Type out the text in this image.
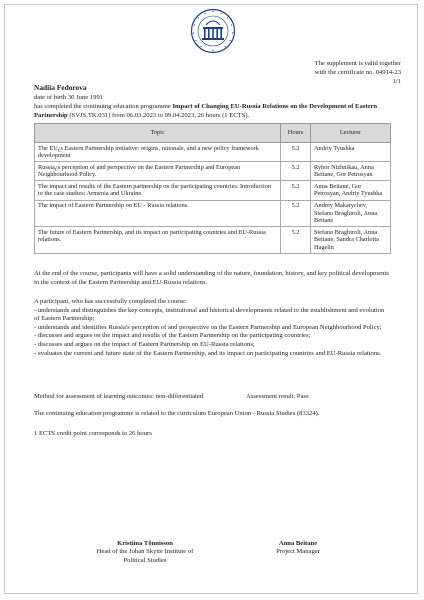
The supplement is valid together
with the certificate no. 04914-23
1/1
Nadiia Fedorova
date of birth 30 June 1991
has completed the continuing education programme Impact of Changing EU-Russia Relations on the Development of Eastern Partnership (SVJS.TK.031) from 06.03.2023 to 09.04.2023, 26 hours (1 ECTS).
Topic	Hours	Lecturer
The EU¿s Eastern Partnership initiative: origins, rationale, and a new policy framework development	5.2	Andriy Tyushka
Russia¿s perception of and perspective on the Eastern Partnership and European Neighbourhood Policy.	5.2	Ryhor Nizhnikau, Anna Beitane, Gor Petrosyan
The impact and results of the Eastern partnership on the participating countries. Introduction to the case studies: Armenia and Ukraine.	5.2	Anna Beitane, Gor Petrosyan, Andriy Tyushka
The impact of Eastern Partnership on EU - Russia relations.	5.2	Andrey Makarychev, Stefano Braghiroli, Anna Beitane
The future of Eastern Partnership, and its impact on participating countries and EU-Russia relations.	5.2	Stefano Braghiroli, Anna Beitane, Sandra Charlotta Hagelin
At the end of the course, participants will have a solid understanding of the nature, foundation, history, and key political developments in the context of the Eastern Partnership and EU-Russia relations.
A participant, who has successfully completed the course:
- understands and distinguishes the key concepts, institutional and historical developments related to the establishment and evolution of Eastern Partnership;
- understands and identifies Russia's perception of and perspective on the Eastern Partnership and European Neighbourhood Policy;
- discusses and argues on the impact and results of the Eastern Partnership on the participating countries;
- discusses and argues on the impact of Eastern Partnership on EU-Russia relations;
- evaluates the current and future state of the Eastern Partnership, and its impact on participating countries and EU-Russia relations.
Method for assessment of learning outcomes: non-differentiated	Assessment result: Pass
The continuing education programme is related to the curriculum European Union - Russia Studies (83324).
1 ECTS credit point corresponds to 26 hours
Kristiina Tõnnisson
Head of the Johan Skytte Institute of
Political Studies
Anna Beitane
Project Manager
